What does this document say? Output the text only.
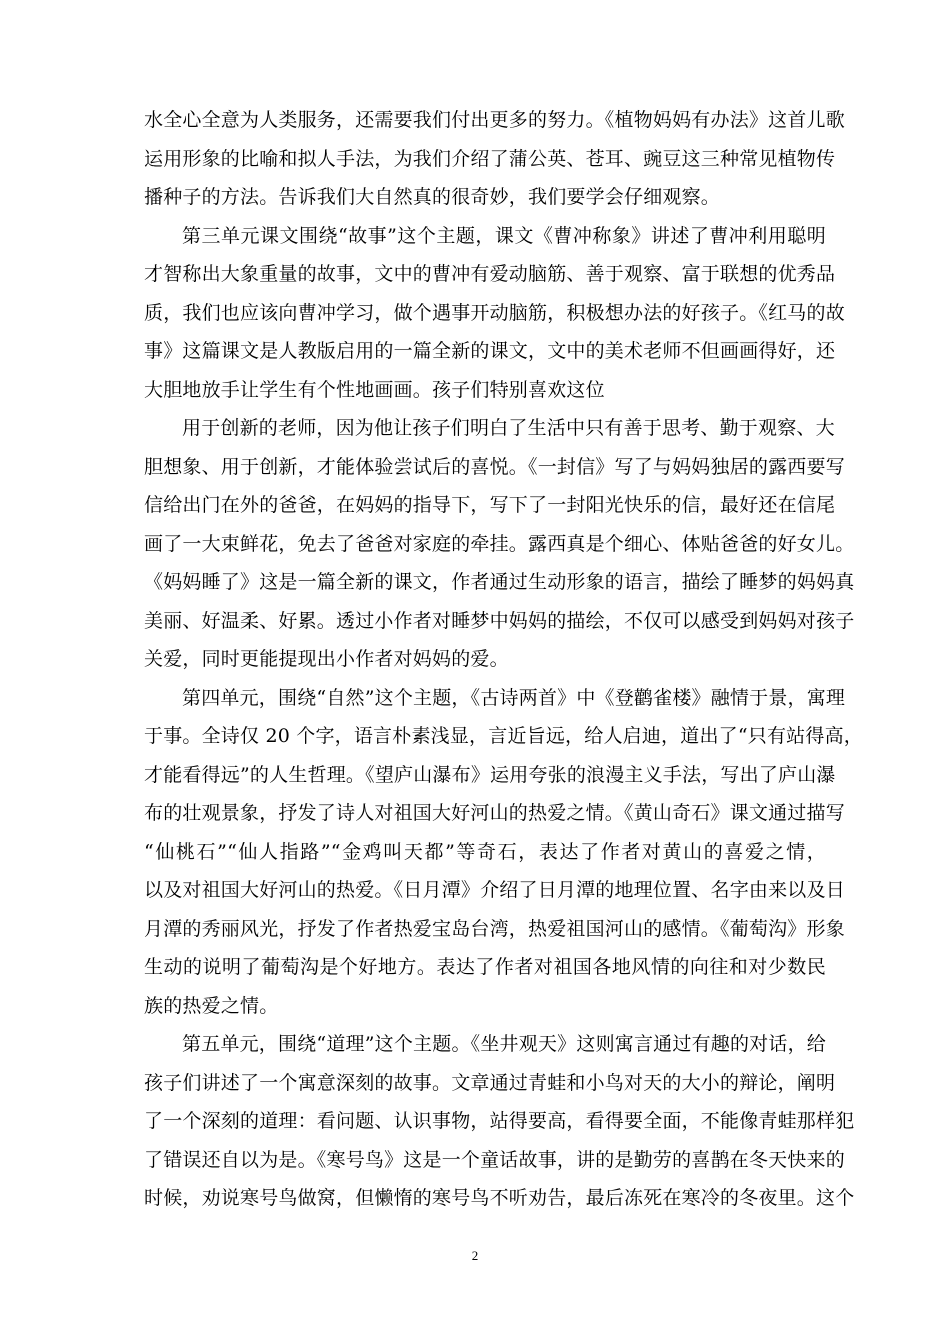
水全心全意为人类服务，还需要我们付出更多的努力。《植物妈妈有办法》这首儿歌
运用形象的比喻和拟人手法，为我们介绍了蒲公英、苍耳、豌豆这三种常见植物传
播种子的方法。告诉我们大自然真的很奇妙，我们要学会仔细观察。
第三单元课文围绕“故事”这个主题，课文《曹冲称象》讲述了曹冲利用聪明
才智称出大象重量的故事，文中的曹冲有爱动脑筋、善于观察、富于联想的优秀品
质，我们也应该向曹冲学习，做个遇事开动脑筋，积极想办法的好孩子。《红马的故
事》这篇课文是人教版启用的一篇全新的课文，文中的美术老师不但画画得好，还
大胆地放手让学生有个性地画画。孩子们特别喜欢这位
用于创新的老师，因为他让孩子们明白了生活中只有善于思考、勤于观察、大
胆想象、用于创新，才能体验尝试后的喜悦。《一封信》写了与妈妈独居的露西要写
信给出门在外的爸爸，在妈妈的指导下，写下了一封阳光快乐的信，最好还在信尾
画了一大束鲜花，免去了爸爸对家庭的牵挂。露西真是个细心、体贴爸爸的好女儿。
《妈妈睡了》这是一篇全新的课文，作者通过生动形象的语言，描绘了睡梦的妈妈真
美丽、好温柔、好累。透过小作者对睡梦中妈妈的描绘，不仅可以感受到妈妈对孩子
关爱，同时更能提现出小作者对妈妈的爱。
第四单元，围绕“自然”这个主题，《古诗两首》中《登鹳雀楼》融情于景，寓理
于事。全诗仅 20 个字，语言朴素浅显，言近旨远，给人启迪，道出了“只有站得高，
才能看得远”的人生哲理。《望庐山瀑布》运用夸张的浪漫主义手法，写出了庐山瀑
布的壮观景象，抒发了诗人对祖国大好河山的热爱之情。《黄山奇石》课文通过描写
“仙桃石”“仙人指路”“金鸡叫天都”等奇石，表达了作者对黄山的喜爱之情，
以及对祖国大好河山的热爱。《日月潭》介绍了日月潭的地理位置、名字由来以及日
月潭的秀丽风光，抒发了作者热爱宝岛台湾，热爱祖国河山的感情。《葡萄沟》形象
生动的说明了葡萄沟是个好地方。表达了作者对祖国各地风情的向往和对少数民
族的热爱之情。
第五单元，围绕“道理”这个主题。《坐井观天》这则寓言通过有趣的对话，给
孩子们讲述了一个寓意深刻的故事。文章通过青蛙和小鸟对天的大小的辩论，阐明
了一个深刻的道理：看问题、认识事物，站得要高，看得要全面，不能像青蛙那样犯
了错误还自以为是。《寒号鸟》这是一个童话故事，讲的是勤劳的喜鹊在冬天快来的
时候，劝说寒号鸟做窝，但懒惰的寒号鸟不听劝告，最后冻死在寒冷的冬夜里。这个
2
